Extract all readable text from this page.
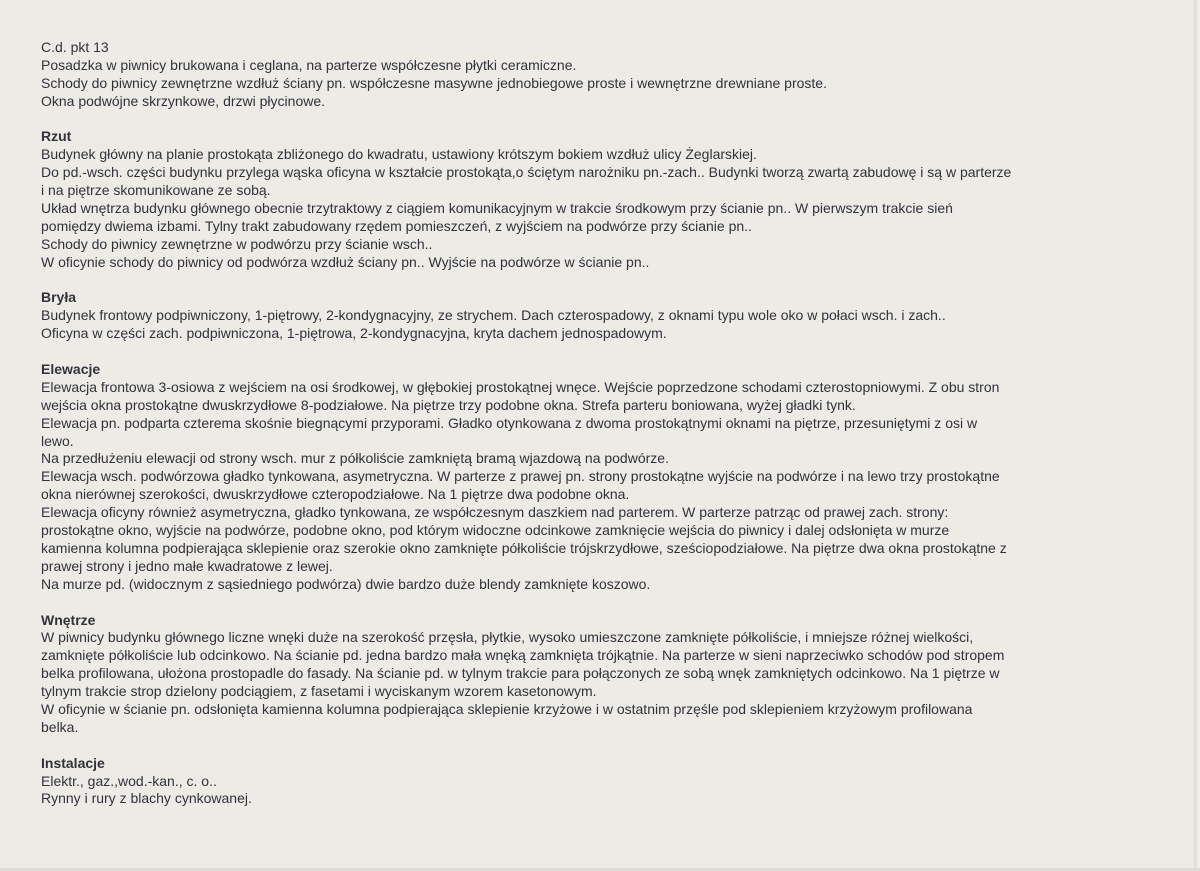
C.d. pkt 13
Posadzka w piwnicy brukowana i ceglana, na parterze współczesne płytki ceramiczne.
Schody do piwnicy zewnętrzne wzdłuż ściany pn. współczesne masywne jednobiegowe proste i wewnętrzne drewniane proste.
Okna podwójne skrzynkowe, drzwi płycinowe.
Rzut
Budynek główny na planie prostokąta zbliżonego do kwadratu, ustawiony krótszym bokiem wzdłuż ulicy Żeglarskiej.
Do pd.-wsch. części budynku przylega wąska oficyna w kształcie prostokąta,o ściętym narożniku pn.-zach.. Budynki tworzą zwartą zabudowę i są w parterze
i na piętrze skomunikowane ze sobą.
Układ wnętrza budynku głównego obecnie trzytraktowy z ciągiem komunikacyjnym w trakcie środkowym przy ścianie pn.. W pierwszym trakcie sień
pomiędzy dwiema izbami. Tylny trakt zabudowany rzędem pomieszczeń, z wyjściem na podwórze przy ścianie pn..
Schody do piwnicy zewnętrzne w podwórzu przy ścianie wsch..
W oficynie schody do piwnicy od podwórza wzdłuż ściany pn.. Wyjście na podwórze w ścianie pn..
Bryła
Budynek frontowy podpiwniczony, 1-piętrowy, 2-kondygnacyjny, ze strychem. Dach czterospadowy, z oknami typu wole oko w połaci wsch. i zach..
Oficyna w części zach. podpiwniczona, 1-piętrowa, 2-kondygnacyjna, kryta dachem jednospadowym.
Elewacje
Elewacja frontowa 3-osiowa z wejściem na osi środkowej, w głębokiej prostokątnej wnęce. Wejście poprzedzone schodami czterostopniowymi. Z obu stron
wejścia okna prostokątne dwuskrzydłowe 8-podziałowe. Na piętrze trzy podobne okna. Strefa parteru boniowana, wyżej gładki tynk.
Elewacja pn. podparta czterema skośnie biegnącymi przyporami. Gładko otynkowana z dwoma prostokątnymi oknami na piętrze, przesuniętymi z osi w
lewo.
Na przedłużeniu elewacji od strony wsch. mur z półkoliście zamkniętą bramą wjazdową na podwórze.
Elewacja wsch. podwórzowa gładko tynkowana, asymetryczna. W parterze z prawej pn. strony prostokątne wyjście na podwórze i na lewo trzy prostokątne
okna nierównej szerokości, dwuskrzydłowe czteropodziałowe. Na 1 piętrze dwa podobne okna.
Elewacja oficyny również asymetryczna, gładko tynkowana, ze współczesnym daszkiem nad parterem. W parterze patrząc od prawej zach. strony:
prostokątne okno, wyjście na podwórze, podobne okno, pod którym widoczne odcinkowe zamknięcie wejścia do piwnicy i dalej odsłonięta w murze
kamienna kolumna podpierająca sklepienie oraz szerokie okno zamknięte półkoliście trójskrzydłowe, sześciopodziałowe. Na piętrze dwa okna prostokątne z
prawej strony i jedno małe kwadratowe z lewej.
Na murze pd. (widocznym z sąsiedniego podwórza) dwie bardzo duże blendy zamknięte koszowo.
Wnętrze
W piwnicy budynku głównego liczne wnęki duże na szerokość przęsła, płytkie, wysoko umieszczone zamknięte półkoliście, i mniejsze różnej wielkości,
zamknięte półkoliście lub odcinkowo. Na ścianie pd. jedna bardzo mała wnęką zamknięta trójkątnie. Na parterze w sieni naprzeciwko schodów pod stropem
belka profilowana, ułożona prostopadle do fasady. Na ścianie pd. w tylnym trakcie para połączonych ze sobą wnęk zamkniętych odcinkowo. Na 1 piętrze w
tylnym trakcie strop dzielony podciągiem, z fasetami i wyciskanym wzorem kasetonowym.
W oficynie w ścianie pn. odsłonięta kamienna kolumna podpierająca sklepienie krzyżowe i w ostatnim przęśle pod sklepieniem krzyżowym profilowana
belka.
Instalacje
Elektr., gaz.,wod.-kan., c. o..
Rynny i rury z blachy cynkowanej.
